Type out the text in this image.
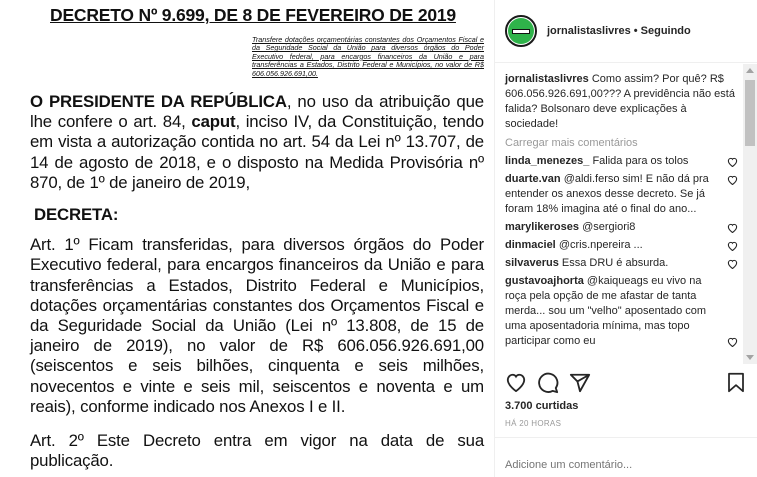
DECRETO Nº 9.699, DE 8 DE FEVEREIRO DE 2019
Transfere dotações orçamentárias constantes dos Orçamentos Fiscal e da Seguridade Social da União para diversos órgãos do Poder Executivo federal, para encargos financeiros da União e para transferências a Estados, Distrito Federal e Municípios, no valor de R$ 606.056.926.691,00.

O PRESIDENTE DA REPÚBLICA, no uso da atribuição que lhe confere o art. 84, caput, inciso IV, da Constituição, tendo em vista a autorização contida no art. 54 da Lei nº 13.707, de 14 de agosto de 2018, e o disposto na Medida Provisória nº 870, de 1º de janeiro de 2019,

DECRETA:

Art. 1º Ficam transferidas, para diversos órgãos do Poder Executivo federal, para encargos financeiros da União e para transferências a Estados, Distrito Federal e Municípios, dotações orçamentárias constantes dos Orçamentos Fiscal e da Seguridade Social da União (Lei nº 13.808, de 15 de janeiro de 2019), no valor de R$ 606.056.926.691,00 (seiscentos e seis bilhões, cinquenta e seis milhões, novecentos e vinte e seis mil, seiscentos e noventa e um reais), conforme indicado nos Anexos I e II.

Art. 2º Este Decreto entra em vigor na data de sua publicação.

jornalistaslivres • Seguindo
jornalistaslivres Como assim? Por quê? R$ 606.056.926.691,00??? A previdência não está falida? Bolsonaro deve explicações à sociedade!
Carregar mais comentários
linda_menezes_ Falida para os tolos
duarte.van @aldi.ferso sim! E não dá pra entender os anexos desse decreto. Se já foram 18% imagina até o final do ano...
marylikeroses @sergiori8
dinmaciel @cris.npereira ...
silvaverus Essa DRU é absurda.
gustavoajhorta @kaiqueags eu vivo na roça pela opção de me afastar de tanta merda... sou um "velho" aposentado com uma aposentadoria mínima, mas topo participar como eu
3.700 curtidas
HÁ 20 HORAS
Adicione um comentário...
